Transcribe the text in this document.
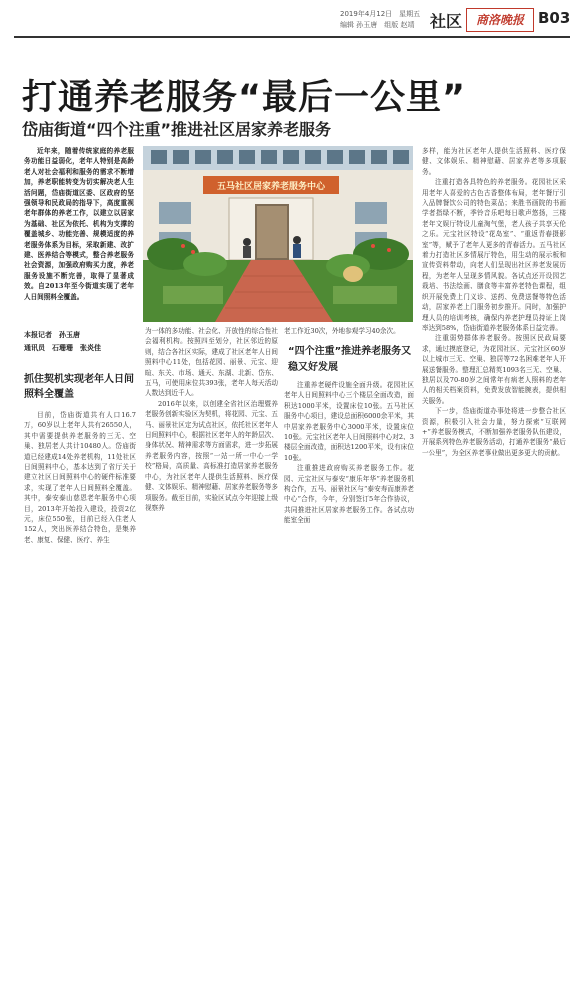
2019年4月12日　星期五
编辑 孙玉唐　组版 赵靖 社区	商洛晚报 B03
打通养老服务“最后一公里”
岱庙街道“四个注重”推进社区居家养老服务

近年来，随着传统家庭的养老服务功能日益弱化，老年人特别是高龄老人对社会福利和服务的需求不断增加，养老职能转变为切实解决老人生活问题，岱庙街道区委、区政府的坚强领导和民政局的指导下，高度重视老年群体的养老工作，以建立以居家为基础、社区为依托、机构为支撑的覆盖城乡、功能完善、规模适度的养老服务体系为目标，采取新建、改扩建、医养结合等模式，整合养老服务社会资源，加强政府购买力度，养老服务设施不断完善，取得了显著成效。自2013年至今街道实现了老年人日间照料全覆盖。

本报记者　孙玉唐
通讯员　石珊珊　张炎佳
抓住契机实现老年人日间照料全覆盖

目前，岱庙街道共有人口16.7万，60岁以上老年人共有26550人，其中需要提供养老服务的三无、空巢、独居老人共计10480人。岱庙街道已经建成14处养老机构，11处社区日间照料中心，基本达到了省厅关于建立社区日间照料中心的硬件标准要求，实现了老年人日间照料全覆盖。其中，泰安泰山慈恩老年服务中心项目，2013年开始投入建设，投资2亿元，床位550张，目前已经入住老人152人，突出医养结合特色，是集养老、康复、保健、医疗、养生

五马社区居家养老服务中心

为一体的多功能、社会化、开放性的综合性社会福利机构。按照四至划分，社区邻近的原则，结合各社区实际，建成了社区老年人日间照料中心11处，包括花园、丽景、元宝、迎暄、东关、市场、通天、东湖、北新、岱东、五马，可使用床位共393张，老年人每天活动人数达到近千人。

2016年以来，以创建全省社区治理暨养老服务创新实验区为契机，将花园、元宝、五马、丽景社区定为试点社区，依托社区老年人日间照料中心，根据社区老年人的年龄层次、身体状况、精神需求等方面需求，进一步拓展养老服务内容，按照“一站一所一中心一学校”格局，高质量、高标准打造居家养老服务中心，为社区老年人提供生活照料、医疗保健、文体娱乐、精神慰藉、居家养老服务等多项服务。截至目前，实验区试点今年迎接上级视察养

老工作近30次，外地参观学习40余次。

“四个注重”推进养老服务又稳又好发展

注重养老硬件设施全面升级。花园社区老年人日间照料中心三个楼层全面改造，面积达1000平米，设置床位10张。五马社区服务中心项目，建设总面积6000余平米，其中居家养老服务中心3000平米，设置床位10张。元宝社区老年人日间照料中心对2、3楼层全面改造，面积达1200平米，设有床位10张。

注重推进政府购买养老服务工作。花园、元宝社区与泰安“康乐年华”养老服务机构合作，五马、丽景社区与“泰安寿而康养老中心”合作，今年，分别签订5年合作协议，共同推进社区居家养老服务工作。各试点功能室全面

多样，能为社区老年人提供生活照料、医疗保健、文体娱乐、精神慰藉、居家养老等多项服务。

注重打造各具特色的养老服务。花园社区采用老年人喜爱的古色古香整体布局，老年餐厅引入品牌餐饮公司的特色菜品；来胜书画院的书画学者指绿不断，季铃音乐吧每日歌声悠扬，三楼老年文娱厅特设儿童淘气堡，老人孩子共享天伦之乐。元宝社区特设“花岛室”、“重返青春摄影室”等，赋予了老年人更多的青春活力。五马社区着力打造社区多情展厅特色，用生动的展示板和宣传资料带动，向老人们呈现出社区养老发展历程，为老年人呈现多情风貌。各试点还开设园艺栽培、书法绘画、膳食等丰富养老特色课程，组织开展免费上门义诊、送药、免费送餐等特色活动，居家养老上门服务初步推开。同时，加强护理人员的培训考核，确保内养老护理员持证上岗率达到58%，岱庙街道养老服务体系日益完善。

注重弱势群体养老服务。按照区民政局要求，通过摸底登记，为花园社区、元宝社区60岁以上城市三无、空巢、独居等72名困难老年人开展送餐服务。整理汇总精英1093名三无、空巢、独居以及70-80岁之间常年有病老人照料的老年人的相关档案资料，免费发放智能腕表，提供相关服务。

下一步，岱庙街道办事处将进一步整合社区资源，积极引入社会力量，努力探索“互联网+”养老服务模式，不断加强养老服务队伍建设，开展系列特色养老服务活动，打通养老服务“最后一公里”，为全区养老事业做出更多更大的贡献。
